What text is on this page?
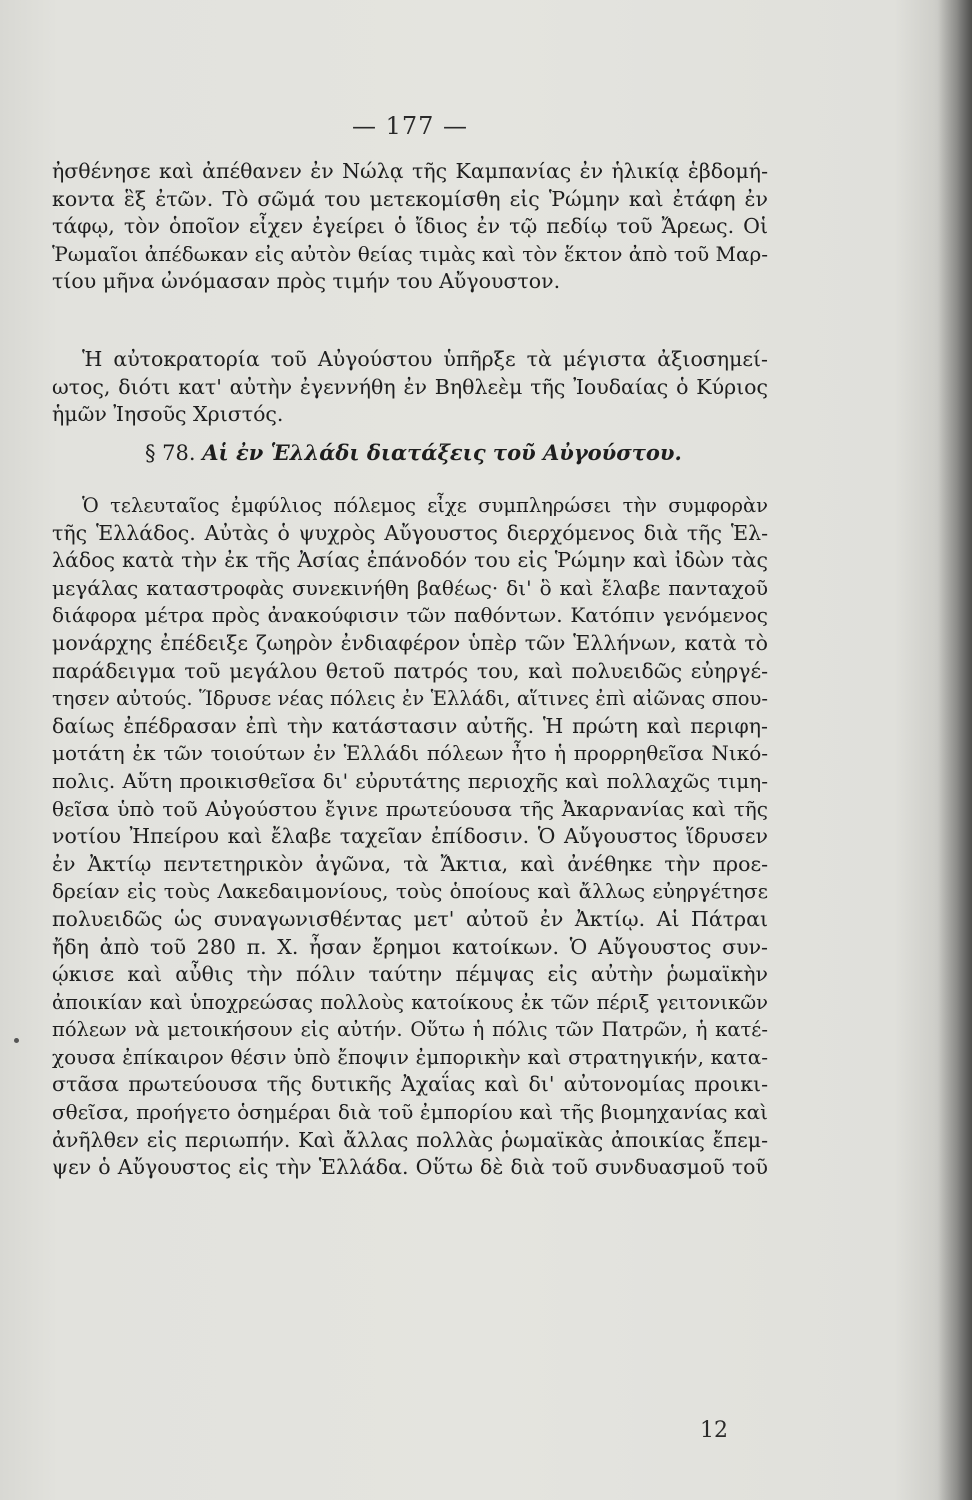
— 177 —
ἠσθένησε καὶ ἀπέθανεν ἐν Νώλᾳ τῆς Καμπανίας ἐν ἡλικίᾳ ἑβδομή-
κοντα ἓξ ἐτῶν. Τὸ σῶμά του μετεκομίσθη εἰς Ῥώμην καὶ ἐτάφη ἐν
τάφῳ, τὸν ὁποῖον εἶχεν ἐγείρει ὁ ἴδιος ἐν τῷ πεδίῳ τοῦ Ἄρεως. Οἱ
Ῥωμαῖοι ἀπέδωκαν εἰς αὐτὸν θείας τιμὰς καὶ τὸν ἕκτον ἀπὸ τοῦ Μαρ-
τίου μῆνα ὠνόμασαν πρὸς τιμήν του Αὔγουστον.
Ἡ αὐτοκρατορία τοῦ Αὐγούστου ὑπῆρξε τὰ μέγιστα ἀξιοσημεί-
ωτος, διότι κατ' αὐτὴν ἐγεννήθη ἐν Βηθλεὲμ τῆς Ἰουδαίας ὁ Κύριος
ἡμῶν Ἰησοῦς Χριστός.
§ 78. Αἱ ἐν Ἑλλάδι διατάξεις τοῦ Αὐγούστου.
Ὁ τελευταῖος ἐμφύλιος πόλεμος εἶχε συμπληρώσει τὴν συμφορὰν
τῆς Ἑλλάδος. Αὐτὰς ὁ ψυχρὸς Αὔγουστος διερχόμενος διὰ τῆς Ἑλ-
λάδος κατὰ τὴν ἐκ τῆς Ἀσίας ἐπάνοδόν του εἰς Ῥώμην καὶ ἰδὼν τὰς
μεγάλας καταστροφὰς συνεκινήθη βαθέως· δι' ὃ καὶ ἔλαβε πανταχοῦ
διάφορα μέτρα πρὸς ἀνακούφισιν τῶν παθόντων. Κατόπιν γενόμενος
μονάρχης ἐπέδειξε ζωηρὸν ἐνδιαφέρον ὑπὲρ τῶν Ἑλλήνων, κατὰ τὸ
παράδειγμα τοῦ μεγάλου θετοῦ πατρός του, καὶ πολυειδῶς εὐηργέ-
τησεν αὐτούς. Ἵδρυσε νέας πόλεις ἐν Ἑλλάδι, αἵτινες ἐπὶ αἰῶνας σπου-
δαίως ἐπέδρασαν ἐπὶ τὴν κατάστασιν αὐτῆς. Ἡ πρώτη καὶ περιφη-
μοτάτη ἐκ τῶν τοιούτων ἐν Ἑλλάδι πόλεων ἦτο ἡ προρρηθεῖσα Νικό-
πολις. Αὕτη προικισθεῖσα δι' εὐρυτάτης περιοχῆς καὶ πολλαχῶς τιμη-
θεῖσα ὑπὸ τοῦ Αὐγούστου ἔγινε πρωτεύουσα τῆς Ἀκαρνανίας καὶ τῆς
νοτίου Ἠπείρου καὶ ἔλαβε ταχεῖαν ἐπίδοσιν. Ὁ Αὔγουστος ἵδρυσεν
ἐν Ἀκτίῳ πεντετηρικὸν ἀγῶνα, τὰ Ἄκτια, καὶ ἀνέθηκε τὴν προε-
δρείαν εἰς τοὺς Λακεδαιμονίους, τοὺς ὁποίους καὶ ἄλλως εὐηργέτησε
πολυειδῶς ὡς συναγωνισθέντας μετ' αὐτοῦ ἐν Ἀκτίῳ. Αἱ Πάτραι
ἤδη ἀπὸ τοῦ 280 π. Χ. ἦσαν ἔρημοι κατοίκων. Ὁ Αὔγουστος συν-
ῴκισε καὶ αὖθις τὴν πόλιν ταύτην πέμψας εἰς αὐτὴν ῥωμαϊκὴν
ἀποικίαν καὶ ὑποχρεώσας πολλοὺς κατοίκους ἐκ τῶν πέριξ γειτονικῶν
πόλεων νὰ μετοικήσουν εἰς αὐτήν. Οὕτω ἡ πόλις τῶν Πατρῶν, ἡ κατέ-
χουσα ἐπίκαιρον θέσιν ὑπὸ ἔποψιν ἐμπορικὴν καὶ στρατηγικήν, κατα-
στᾶσα πρωτεύουσα τῆς δυτικῆς Ἀχαΐας καὶ δι' αὐτονομίας προικι-
σθεῖσα, προήγετο ὁσημέραι διὰ τοῦ ἐμπορίου καὶ τῆς βιομηχανίας καὶ
ἀνῆλθεν εἰς περιωπήν. Καὶ ἄλλας πολλὰς ῥωμαϊκὰς ἀποικίας ἔπεμ-
ψεν ὁ Αὔγουστος εἰς τὴν Ἑλλάδα. Οὕτω δὲ διὰ τοῦ συνδυασμοῦ τοῦ
12
